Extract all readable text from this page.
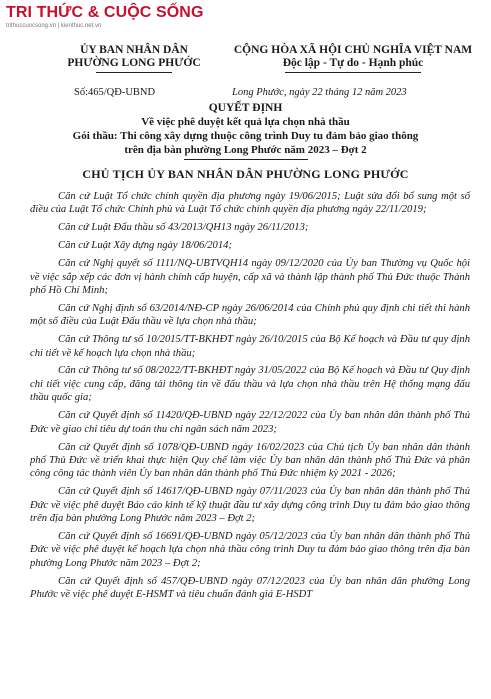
TRI THỨC & CUỘC SỐNG
trithuccuocsong.vn | kienthuc.net.vn
ỦY BAN NHÂN DÂN
PHƯỜNG LONG PHƯỚC
CỘNG HÒA XÃ HỘI CHỦ NGHĨA VIỆT NAM
Độc lập - Tự do - Hạnh phúc
Số:465/QĐ-UBND	Long Phước, ngày 22 tháng 12 năm 2023
QUYẾT ĐỊNH
Về việc phê duyệt kết quả lựa chọn nhà thầu
Gói thầu: Thi công xây dựng thuộc công trình Duy tu đảm bảo giao thông
trên địa bàn phường Long Phước năm 2023 – Đợt 2
CHỦ TỊCH ỦY BAN NHÂN DÂN PHƯỜNG LONG PHƯỚC

Căn cứ Luật Tổ chức chính quyền địa phương ngày 19/06/2015; Luật sửa đổi bổ sung một số điều của Luật Tổ chức Chính phủ và Luật Tổ chức chính quyền địa phương ngày 22/11/2019;

Căn cứ Luật Đấu thầu số 43/2013/QH13 ngày 26/11/2013;

Căn cứ Luật Xây dựng ngày 18/06/2014;

Căn cứ Nghị quyết số 1111/NQ-UBTVQH14 ngày 09/12/2020 của Ủy ban Thường vụ Quốc hội về việc sắp xếp các đơn vị hành chính cấp huyện, cấp xã và thành lập thành phố Thủ Đức thuộc Thành phố Hồ Chí Minh;

Căn cứ Nghị định số 63/2014/NĐ-CP ngày 26/06/2014 của Chính phủ quy định chi tiết thi hành một số điều của Luật Đấu thầu về lựa chọn nhà thầu;

Căn cứ Thông tư số 10/2015/TT-BKHĐT ngày 26/10/2015 của Bộ Kế hoạch và Đầu tư quy định chi tiết về kế hoạch lựa chọn nhà thầu;

Căn cứ Thông tư số 08/2022/TT-BKHĐT ngày 31/05/2022 của Bộ Kế hoạch và Đầu tư Quy định chi tiết việc cung cấp, đăng tải thông tin về đấu thầu và lựa chọn nhà thầu trên Hệ thống mạng đấu thầu quốc gia;

Căn cứ Quyết định số 11420/QĐ-UBND ngày 22/12/2022 của Ủy ban nhân dân thành phố Thủ Đức về giao chỉ tiêu dự toán thu chi ngân sách năm 2023;

Căn cứ Quyết định số 1078/QĐ-UBND ngày 16/02/2023 của Chủ tịch Ủy ban nhân dân thành phố Thủ Đức về triển khai thực hiện Quy chế làm việc Ủy ban nhân dân thành phố Thủ Đức và phân công công tác thành viên Ủy ban nhân dân thành phố Thủ Đức nhiệm kỳ 2021 - 2026;

Căn cứ Quyết định số 14617/QĐ-UBND ngày 07/11/2023 của Ủy ban nhân dân thành phố Thủ Đức về việc phê duyệt Báo cáo kinh tế kỹ thuật đầu tư xây dựng công trình Duy tu đảm bảo giao thông trên địa bàn phường Long Phước năm 2023 – Đợt 2;

Căn cứ Quyết định số 16691/QĐ-UBND ngày 05/12/2023 của Ủy ban nhân dân thành phố Thủ Đức về việc phê duyệt kế hoạch lựa chọn nhà thầu công trình Duy tu đảm bảo giao thông trên địa bàn phường Long Phước năm 2023 – Đợt 2;

Căn cứ Quyết định số 457/QĐ-UBND ngày 07/12/2023 của Ủy ban nhân dân phường Long Phước về việc phê duyệt E-HSMT và tiêu chuẩn đánh giá E-HSDT
